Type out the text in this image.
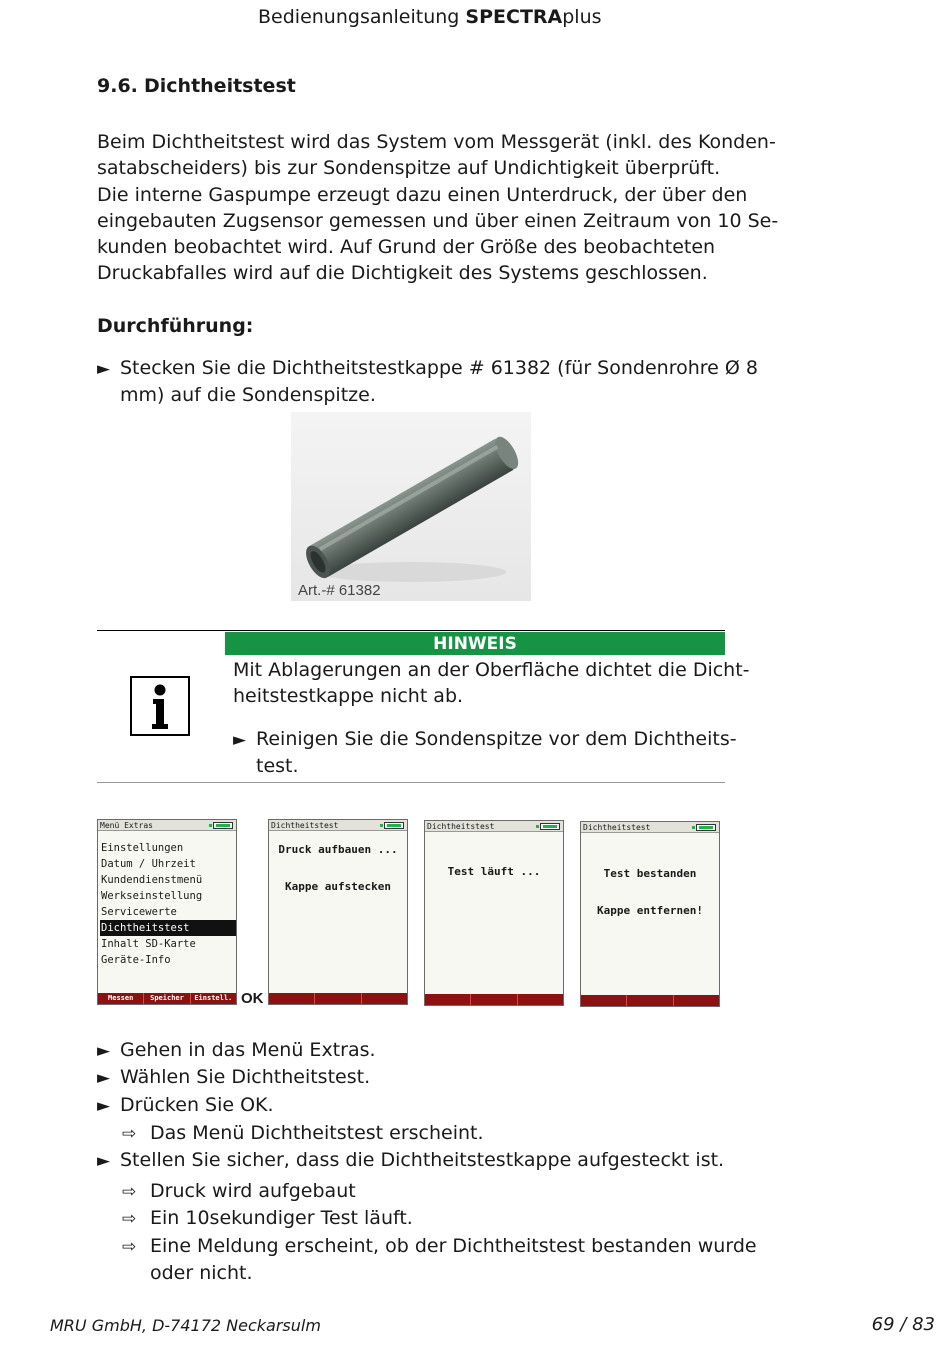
Bedienungsanleitung SPECTRAplus
9.6. Dichtheitstest
Beim Dichtheitstest wird das System vom Messgerät (inkl. des Konden-
satabscheiders) bis zur Sondenspitze auf Undichtigkeit überprüft.
Die interne Gaspumpe erzeugt dazu einen Unterdruck, der über den
eingebauten Zugsensor gemessen und über einen Zeitraum von 10 Se-
kunden beobachtet wird. Auf Grund der Größe des beobachteten
Druckabfalles wird auf die Dichtigkeit des Systems geschlossen.
Durchführung:
► Stecken Sie die Dichtheitstestkappe # 61382 (für Sondenrohre Ø 8
mm) auf die Sondenspitze.
Art.-# 61382
HINWEIS
Mit Ablagerungen an der Oberfläche dichtet die Dicht-
heitstestkappe nicht ab.
► Reinigen Sie die Sondenspitze vor dem Dichtheits-
test.
Menü Extras
Einstellungen
Datum / Uhrzeit
Kundendienstmenü
Werkseinstellung
Servicewerte
Dichtheitstest
Inhalt SD-Karte
Geräte-Info
Messen	Speicher	Einstell. OK
Dichtheitstest
Druck aufbauen ...
Kappe aufstecken
Dichtheitstest
Test läuft ...
Dichtheitstest
Test bestanden
Kappe entfernen!
► Gehen in das Menü Extras.
► Wählen Sie Dichtheitstest.
► Drücken Sie OK.
⇨ Das Menü Dichtheitstest erscheint.
► Stellen Sie sicher, dass die Dichtheitstestkappe aufgesteckt ist.
⇨ Druck wird aufgebaut
⇨ Ein 10sekundiger Test läuft.
⇨ Eine Meldung erscheint, ob der Dichtheitstest bestanden wurde
oder nicht.
MRU GmbH, D-74172 Neckarsulm	69 / 83
